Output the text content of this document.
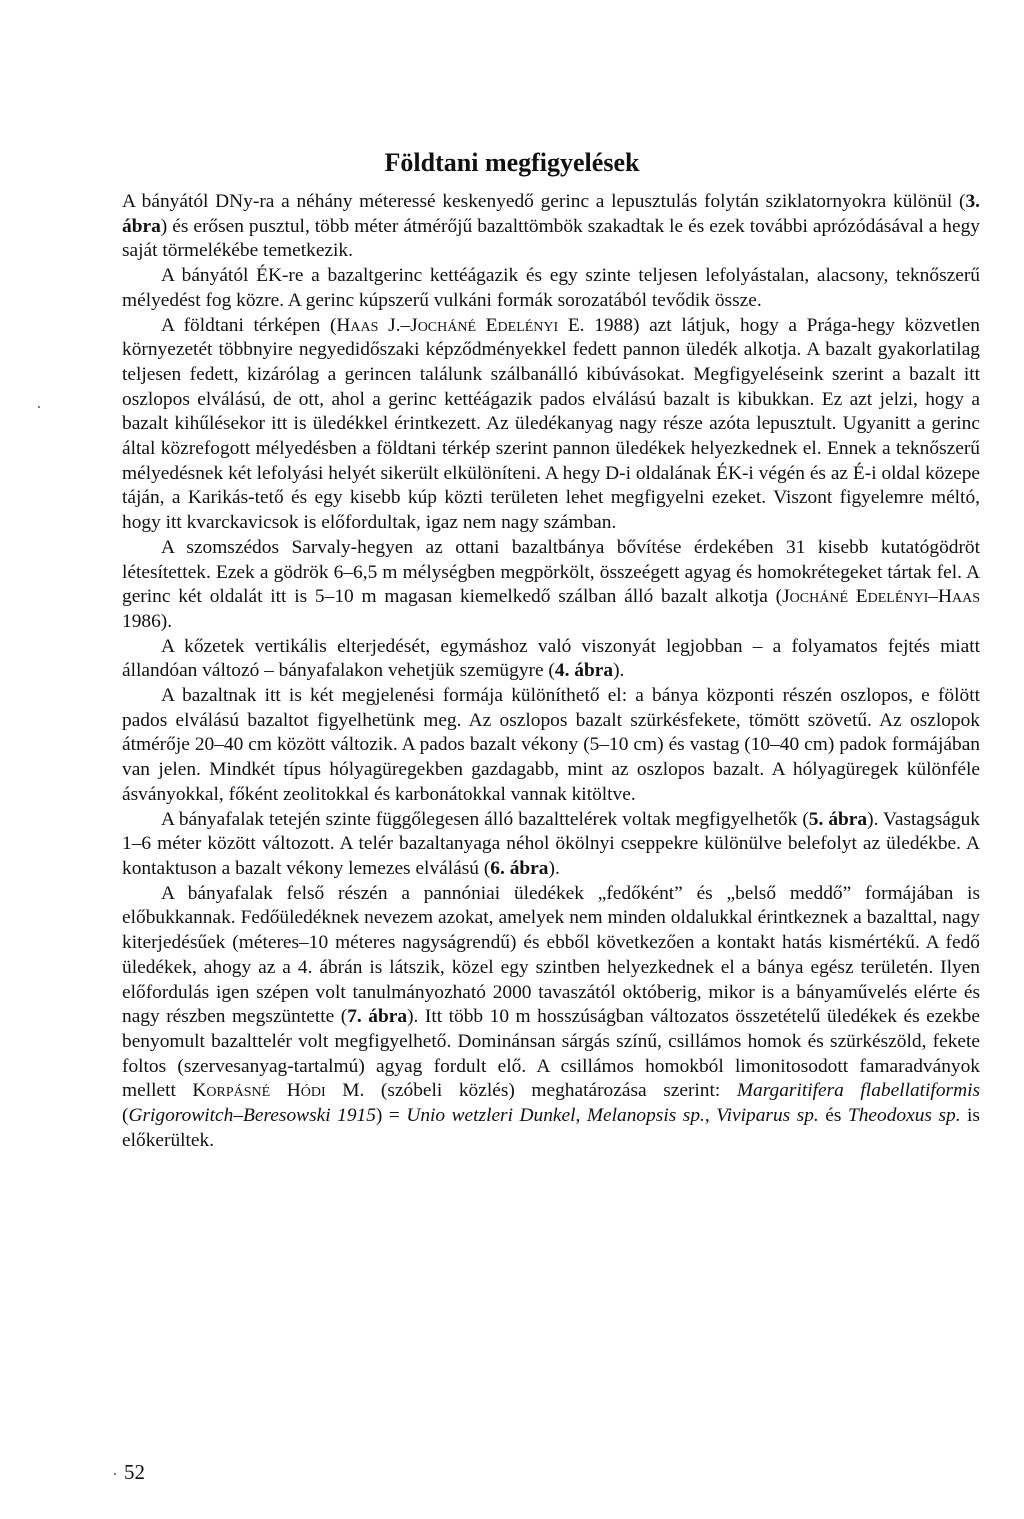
Földtani megfigyelések

A bányától DNy-ra a néhány méteressé keskenyedő gerinc a lepusztulás folytán sziklatornyokra különül (3. ábra) és erősen pusztul, több méter átmérőjű bazalttömbök szakadtak le és ezek további aprózódásával a hegy saját törmelékébe temetkezik.

A bányától ÉK-re a bazaltgerinc kettéágazik és egy szinte teljesen lefolyástalan, alacsony, teknőszerű mélyedést fog közre. A gerinc kúpszerű vulkáni formák sorozatából tevődik össze.

A földtani térképen (Haas J.–Jocháné Edelényi E. 1988) azt látjuk, hogy a Prága-hegy közvetlen környezetét többnyire negyedidőszaki képződményekkel fedett pannon üledék alkotja. A bazalt gyakorlatilag teljesen fedett, kizárólag a gerincen találunk szálbanálló kibúvásokat. Megfigyeléseink szerint a bazalt itt oszlopos elválású, de ott, ahol a gerinc kettéágazik pados elválású bazalt is kibukkan. Ez azt jelzi, hogy a bazalt kihűlésekor itt is üledékkel érintkezett. Az üledékanyag nagy része azóta lepusztult. Ugyanitt a gerinc által közrefogott mélyedésben a földtani térkép szerint pannon üledékek helyezkednek el. Ennek a teknőszerű mélyedésnek két lefolyási helyét sikerült elkülöníteni. A hegy D-i oldalának ÉK-i végén és az É-i oldal közepe táján, a Karikás-tető és egy kisebb kúp közti területen lehet megfigyelni ezeket. Viszont figyelemre méltó, hogy itt kvarckavicsok is előfordultak, igaz nem nagy számban.

A szomszédos Sarvaly-hegyen az ottani bazaltbánya bővítése érdekében 31 kisebb kutatógödröt létesítettek. Ezek a gödrök 6–6,5 m mélységben megpörkölt, összeégett agyag és homokrétegeket tártak fel. A gerinc két oldalát itt is 5–10 m magasan kiemelkedő szálban álló bazalt alkotja (Jocháné Edelényi–Haas 1986).

A kőzetek vertikális elterjedését, egymáshoz való viszonyát legjobban – a folyamatos fejtés miatt állandóan változó – bányafalakon vehetjük szemügyre (4. ábra).

A bazaltnak itt is két megjelenési formája különíthető el: a bánya központi részén oszlopos, e fölött pados elválású bazaltot figyelhetünk meg. Az oszlopos bazalt szürkésfekete, tömött szövetű. Az oszlopok átmérője 20–40 cm között változik. A pados bazalt vékony (5–10 cm) és vastag (10–40 cm) padok formájában van jelen. Mindkét típus hólyagüregekben gazdagabb, mint az oszlopos bazalt. A hólyagüregek különféle ásványokkal, főként zeolitokkal és karbonátokkal vannak kitöltve.

A bányafalak tetején szinte függőlegesen álló bazalttelérek voltak megfigyelhetők (5. ábra). Vastagságuk 1–6 méter között változott. A telér bazaltanyaga néhol ökölnyi cseppekre különülve belefolyt az üledékbe. A kontaktuson a bazalt vékony lemezes elválású (6. ábra).

A bányafalak felső részén a pannóniai üledékek „fedőként” és „belső meddő” formájában is előbukkannak. Fedőüledéknek nevezem azokat, amelyek nem minden oldalukkal érintkeznek a bazalttal, nagy kiterjedésűek (méteres–10 méteres nagyságrendű) és ebből következően a kontakt hatás kismértékű. A fedő üledékek, ahogy az a 4. ábrán is látszik, közel egy szintben helyezkednek el a bánya egész területén. Ilyen előfordulás igen szépen volt tanulmányozható 2000 tavaszától októberig, mikor is a bányaművelés elérte és nagy részben megszüntette (7. ábra). Itt több 10 m hosszúságban változatos összetételű üledékek és ezekbe benyomult bazalttelér volt megfigyelhető. Dominánsan sárgás színű, csillámos homok és szürkészöld, fekete foltos (szervesanyag-tartalmú) agyag fordult elő. A csillámos homokból limonitosodott famaradványok mellett Korpásné Hódi M. (szóbeli közlés) meghatározása szerint: Margaritifera flabellatiformis (Grigorowitch–Beresowski 1915) = Unio wetzleri Dunkel, Melanopsis sp., Viviparus sp. és Theodoxus sp. is előkerültek.

52
